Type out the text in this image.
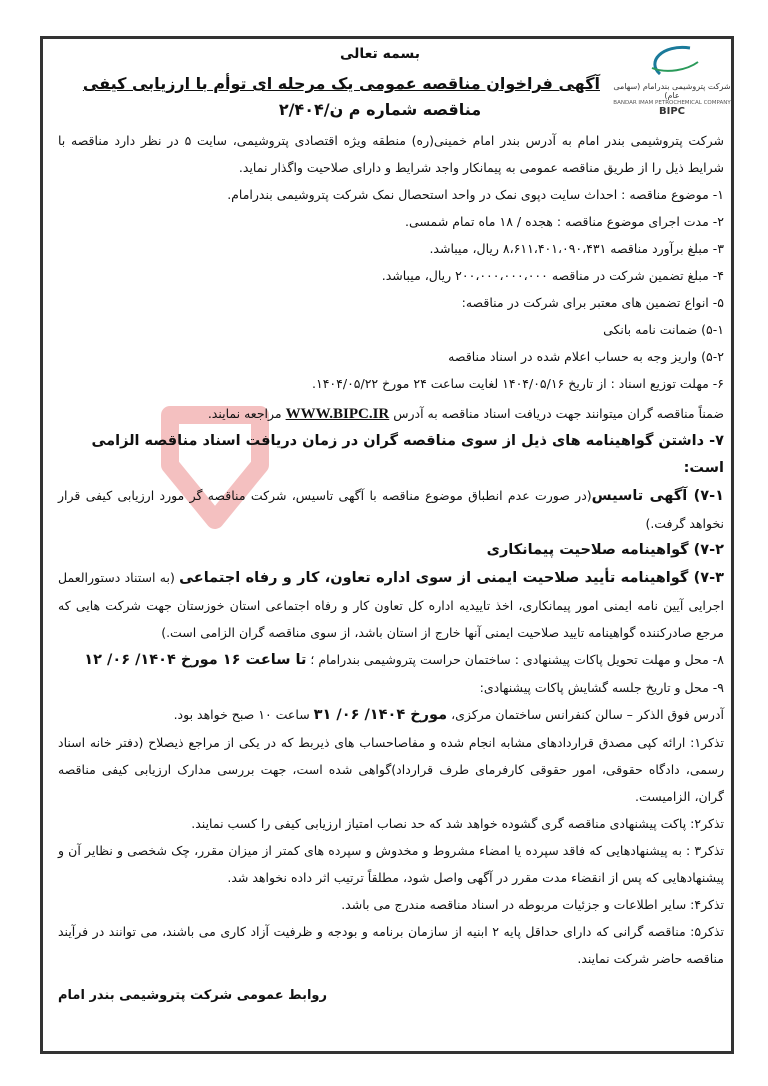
شرکت پتروشیمی بندرامام (سهامی عام)
BANDAR IMAM PETROCHEMICAL COMPANY
BIPC
بسمه تعالی
آگهی فراخوان مناقصه عمومی یک مرحله ای توأم با ارزیابی کیفی
مناقصه شماره م ن/۲/۴۰۴
شرکت پتروشیمی بندر امام به آدرس بندر امام خمینی(ره) منطقه ویژه اقتصادی پتروشیمی، سایت ۵ در نظر دارد مناقصه با شرایط ذیل را از طریق مناقصه عمومی به پیمانکار واجد شرایط و دارای صلاحیت واگذار نماید.
۱- موضوع مناقصه : احداث سایت دپوی نمک در واحد استحصال نمک شرکت پتروشیمی بندرامام.
۲- مدت اجرای موضوع مناقصه : هجده / ۱۸ ماه تمام شمسی.
۳- مبلغ برآورد مناقصه ۸،۶۱۱،۴۰۱،۰۹۰،۴۳۱ ریال، میباشد.
۴- مبلغ تضمین شرکت در مناقصه ۲۰۰،۰۰۰،۰۰۰،۰۰۰ ریال، میباشد.
۵- انواع تضمین های معتبر برای شرکت در مناقصه:
۵-۱) ضمانت نامه بانکی
۵-۲) واریز وجه به حساب اعلام شده در اسناد مناقصه
۶- مهلت توزیع اسناد : از تاریخ ۱۴۰۴/۰۵/۱۶ لغایت ساعت ۲۴ مورخ ۱۴۰۴/۰۵/۲۲.
ضمناً مناقصه گران میتوانند جهت دریافت اسناد مناقصه به آدرس WWW.BIPC.IR مراجعه نمایند.
۷- داشتن گواهینامه های ذیل از سوی مناقصه گران در زمان دریافت اسناد مناقصه الزامی است:
۷-۱) آگهی تاسیس(در صورت عدم انطباق موضوع مناقصه با آگهی تاسیس، شرکت مناقصه گر مورد ارزیابی کیفی قرار نخواهد گرفت.)
۷-۲) گواهینامه صلاحیت پیمانکاری
۷-۳) گواهینامه تأیید صلاحیت ایمنی از سوی اداره تعاون، کار و رفاه اجتماعی (به استناد دستورالعمل اجرایی آیین نامه ایمنی امور پیمانکاری، اخذ تاییدیه اداره کل تعاون کار و رفاه اجتماعی استان خوزستان جهت شرکت هایی که مرجع صادرکننده گواهینامه تایید صلاحیت ایمنی آنها خارج از استان باشد، از سوی مناقصه گران الزامی است.)
۸- محل و مهلت تحویل پاکات پیشنهادی : ساختمان حراست پتروشیمی بندرامام ؛ تا ساعت ۱۶ مورخ ۱۴۰۴/ ۰۶/ ۱۲
۹- محل و تاریخ جلسه گشایش پاکات پیشنهادی:
آدرس فوق الذکر – سالن کنفرانس ساختمان مرکزی، مورخ ۱۴۰۴/ ۰۶/ ۳۱ ساعت ۱۰ صبح خواهد بود.
تذکر۱: ارائه کپی مصدق قراردادهای مشابه انجام شده و مفاصاحساب های ذیربط که در یکی از مراجع ذیصلاح (دفتر خانه اسناد رسمی، دادگاه حقوقی، امور حقوقی کارفرمای طرف قرارداد)گواهی شده است، جهت بررسی مدارک ارزیابی کیفی مناقصه گران، الزامیست.
تذکر۲: پاکت پیشنهادی مناقصه گری گشوده خواهد شد که حد نصاب امتیاز ارزیابی کیفی را کسب نمایند.
تذکر۳ : به پیشنهادهایی که فاقد سپرده یا امضاء مشروط و مخدوش و سپرده های کمتر از میزان مقرر، چک شخصی و نظایر آن و پیشنهادهایی که پس از انقضاء مدت مقرر در آگهی واصل شود، مطلقاً ترتیب اثر داده نخواهد شد.
تذکر۴: سایر اطلاعات و جزئیات مربوطه در اسناد مناقصه مندرج می باشد.
تذکر۵: مناقصه گرانی که دارای حداقل پایه ۲ ابنیه از سازمان برنامه و بودجه و ظرفیت آزاد کاری می باشند، می توانند در فرآیند مناقصه حاضر شرکت نمایند.
روابط عمومی شرکت پتروشیمی بندر امام
